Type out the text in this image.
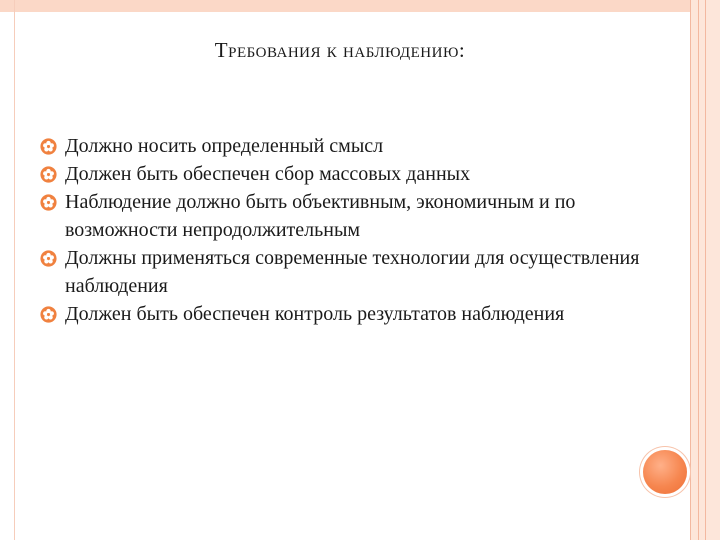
Требования к наблюдению:
Должно носить определенный смысл
Должен быть обеспечен сбор массовых данных
Наблюдение должно быть объективным, экономичным и по возможности непродолжительным
Должны применяться современные технологии для осуществления наблюдения
Должен быть обеспечен контроль результатов наблюдения
